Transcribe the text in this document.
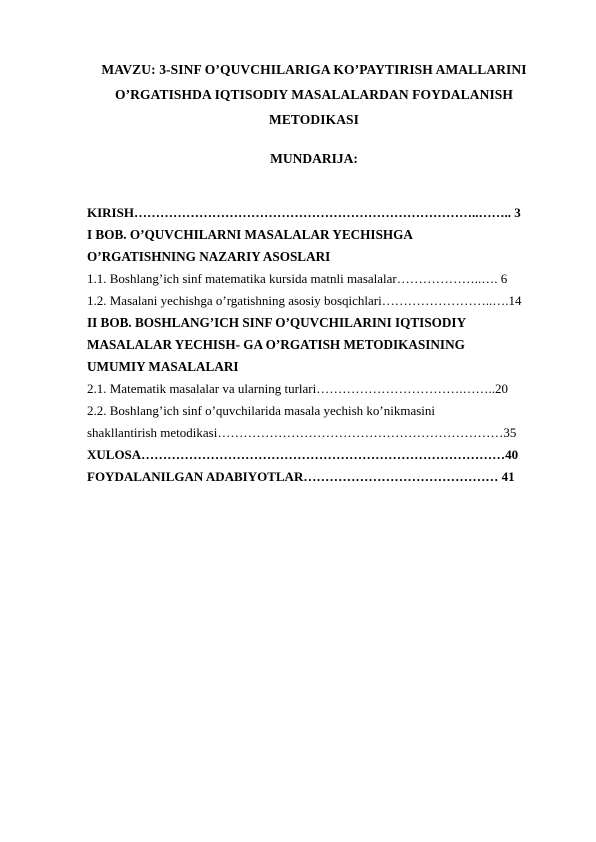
MAVZU: 3-SINF O’QUVCHILARIGA KO’PAYTIRISH AMALLARINI
O’RGATISHDA IQTISODIY MASALALARDAN FOYDALANISH
METODIKASI
MUNDARIJA:
KIRISH……………………………………………………………………..…….. 3
I BOB. O’QUVCHILARNI MASALALAR YECHISHGA
O’RGATISHNING NAZARIY ASOSLARI
1.1. Boshlang’ich sinf matematika kursida matnli masalalar………………..…. 6
1.2. Masalani yechishga o’rgatishning asosiy bosqichlari……………………..….14
II BOB. BOSHLANG’ICH SINF O’QUVCHILARINI IQTISODIY
MASALALAR YECHISH- GA O’RGATISH METODIKASINING
UMUMIY MASALALARI
2.1. Matematik masalalar va ularning turlari…………………………….……..20
2.2. Boshlang’ich sinf o’quvchilarida masala yechish ko’nikmasini
shakllantirish metodikasi…………………………………………………………35
XULOSA…………………………………………………………………………40
FOYDALANILGAN ADABIYOTLAR……………………………………… 41
